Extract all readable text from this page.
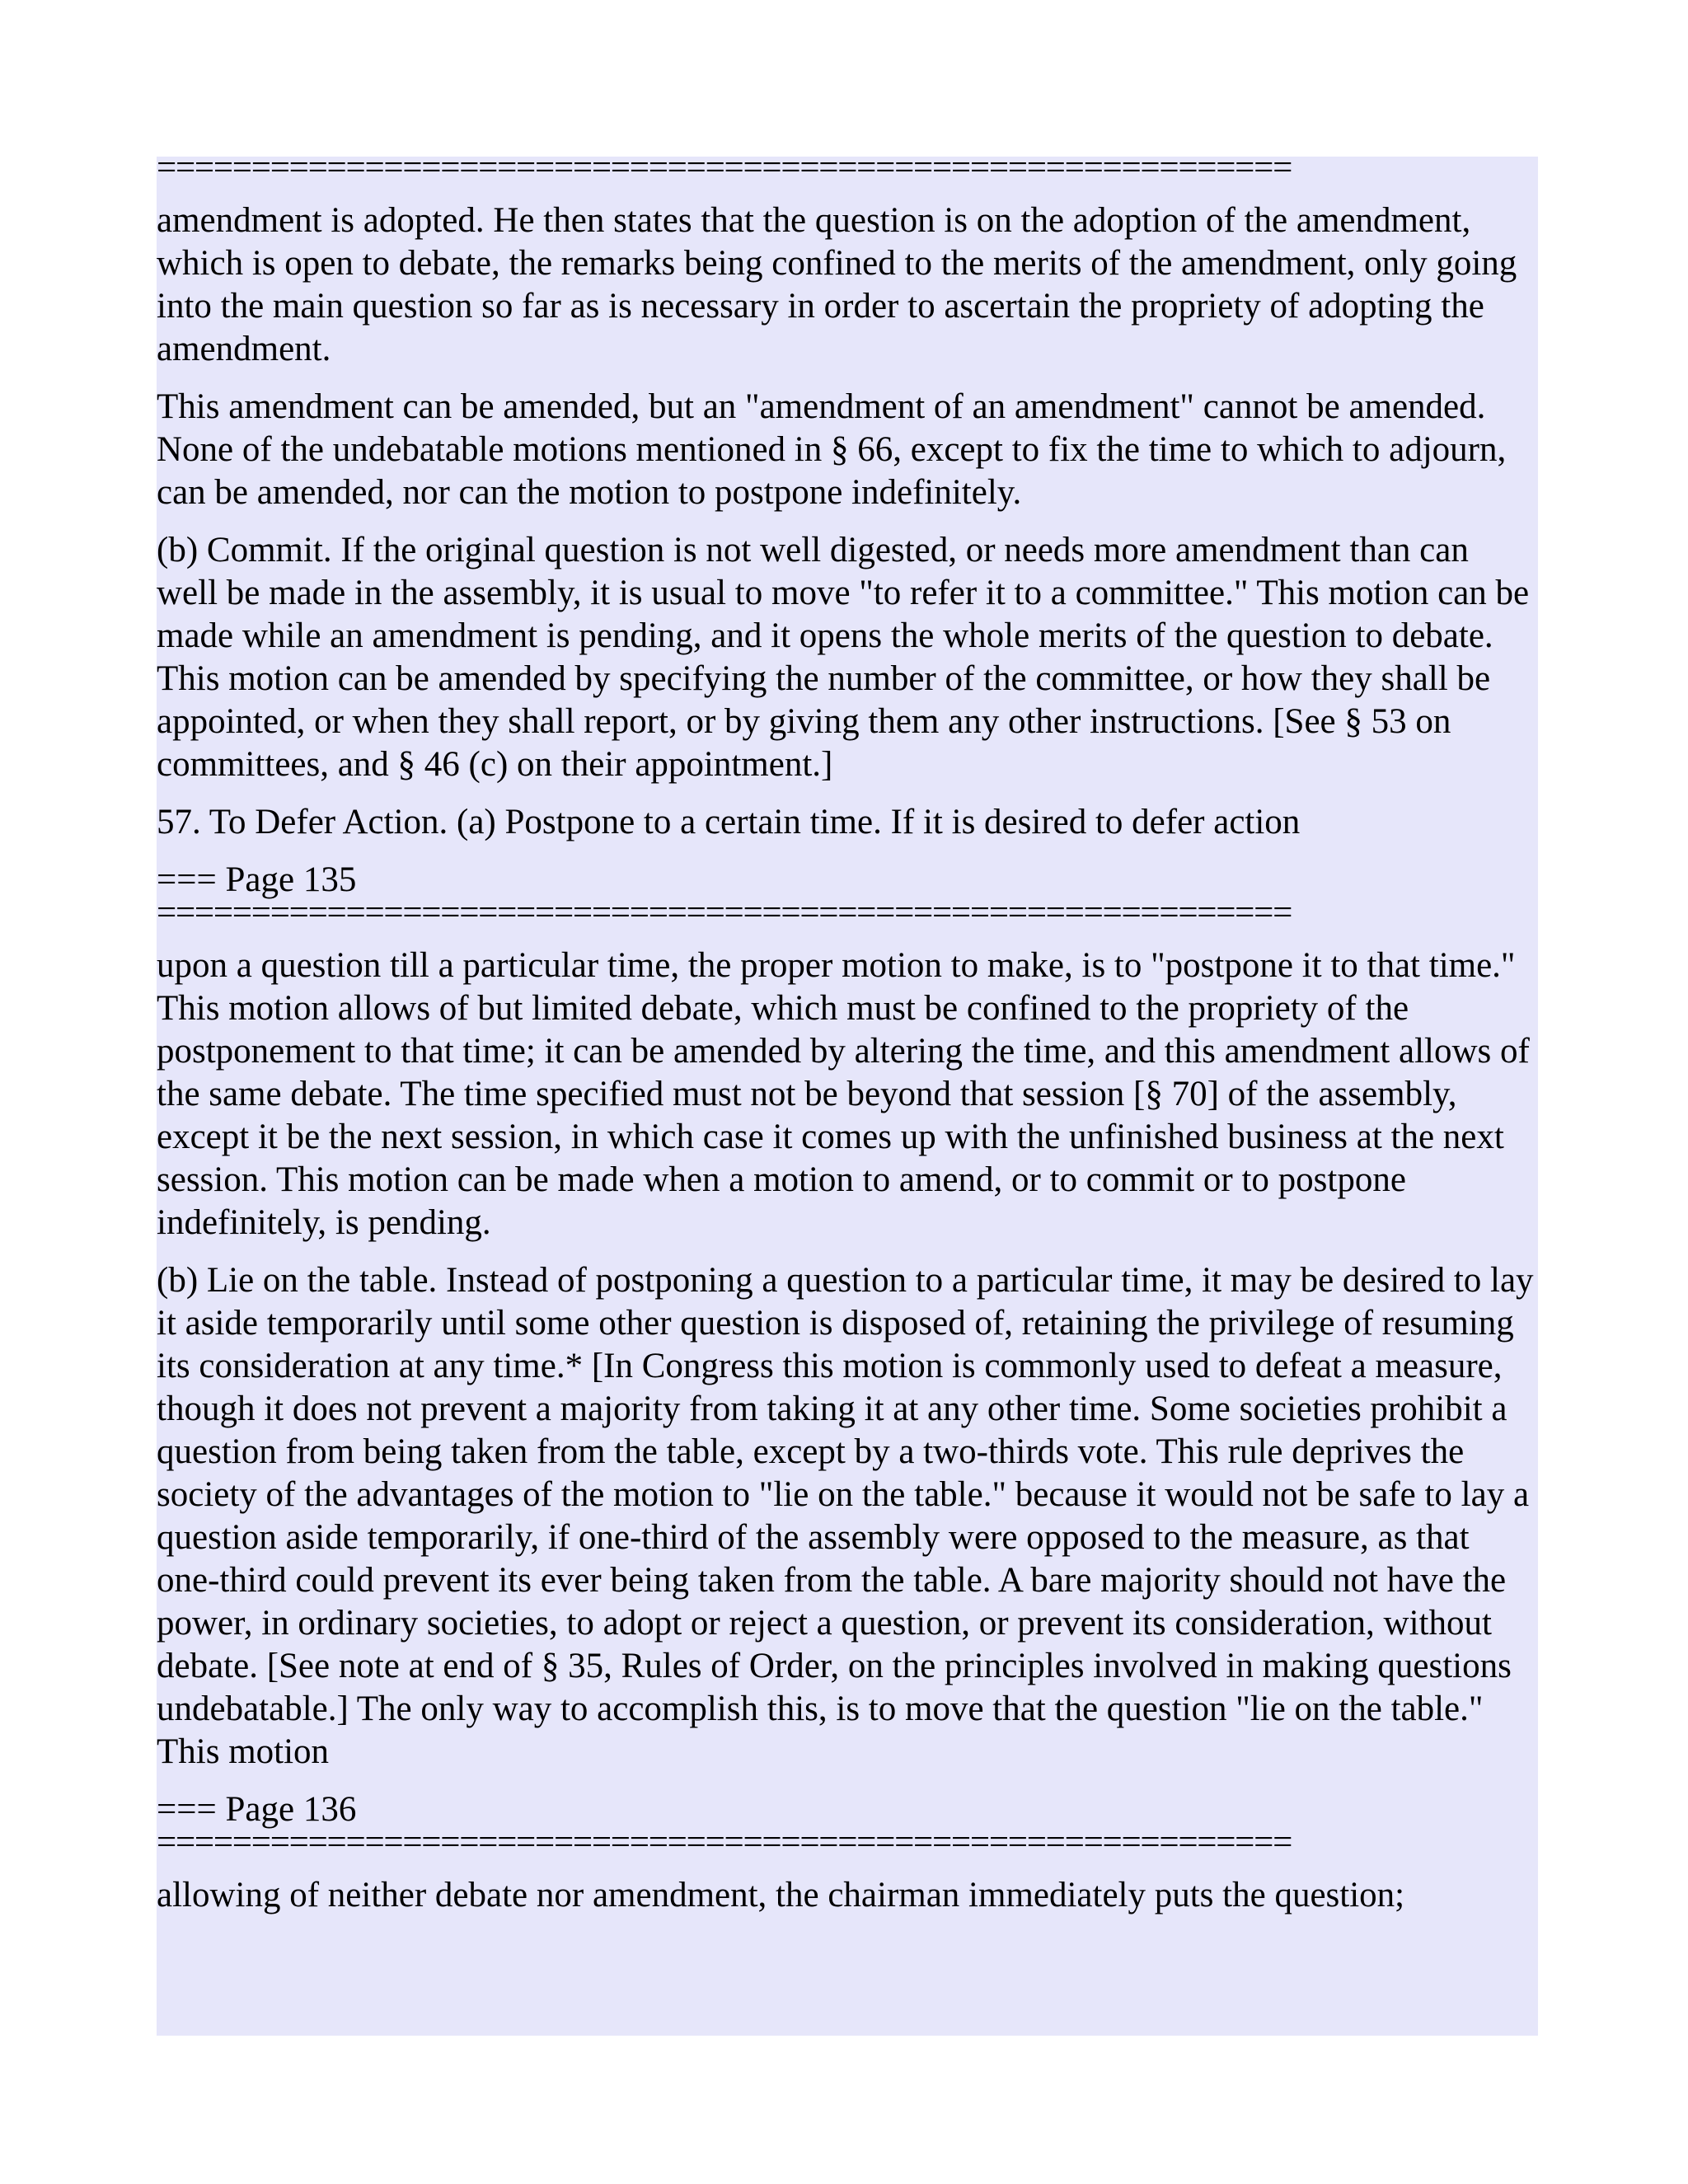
============================================================

amendment is adopted. He then states that the question is on the adoption of the amendment, which is open to debate, the remarks being confined to the merits of the amendment, only going into the main question so far as is necessary in order to ascertain the propriety of adopting the amendment.

This amendment can be amended, but an "amendment of an amendment" cannot be amended. None of the undebatable motions mentioned in § 66, except to fix the time to which to adjourn, can be amended, nor can the motion to postpone indefinitely.

(b) Commit. If the original question is not well digested, or needs more amendment than can well be made in the assembly, it is usual to move "to refer it to a committee." This motion can be made while an amendment is pending, and it opens the whole merits of the question to debate. This motion can be amended by specifying the number of the committee, or how they shall be appointed, or when they shall report, or by giving them any other instructions. [See § 53 on committees, and § 46 (c) on their appointment.]

57. To Defer Action. (a) Postpone to a certain time. If it is desired to defer action

=== Page 135

============================================================

upon a question till a particular time, the proper motion to make, is to "postpone it to that time." This motion allows of but limited debate, which must be confined to the propriety of the postponement to that time; it can be amended by altering the time, and this amendment allows of the same debate. The time specified must not be beyond that session [§ 70] of the assembly, except it be the next session, in which case it comes up with the unfinished business at the next session. This motion can be made when a motion to amend, or to commit or to postpone indefinitely, is pending.

(b) Lie on the table. Instead of postponing a question to a particular time, it may be desired to lay it aside temporarily until some other question is disposed of, retaining the privilege of resuming its consideration at any time.* [In Congress this motion is commonly used to defeat a measure, though it does not prevent a majority from taking it at any other time. Some societies prohibit a question from being taken from the table, except by a two-thirds vote. This rule deprives the society of the advantages of the motion to "lie on the table." because it would not be safe to lay a question aside temporarily, if one-third of the assembly were opposed to the measure, as that one-third could prevent its ever being taken from the table. A bare majority should not have the power, in ordinary societies, to adopt or reject a question, or prevent its consideration, without debate. [See note at end of § 35, Rules of Order, on the principles involved in making questions undebatable.] The only way to accomplish this, is to move that the question "lie on the table." This motion

=== Page 136

============================================================

allowing of neither debate nor amendment, the chairman immediately puts the question;
